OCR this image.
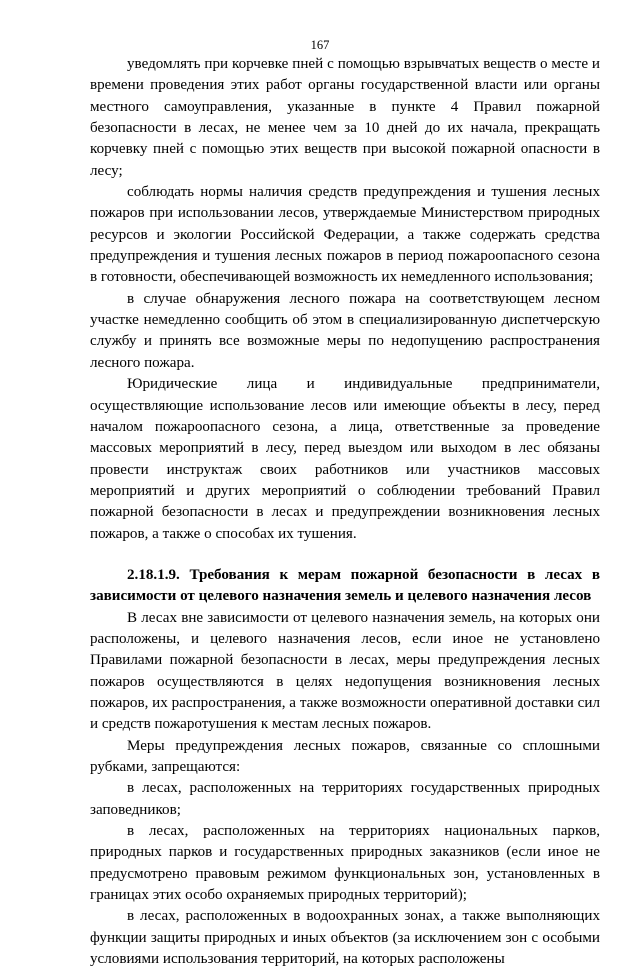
167

уведомлять при корчевке пней с помощью взрывчатых веществ о месте и времени проведения этих работ органы государственной власти или органы местного самоуправления, указанные в пункте 4 Правил пожарной безопасности в лесах, не менее чем за 10 дней до их начала, прекращать корчевку пней с помощью этих веществ при высокой пожарной опасности в лесу;

соблюдать нормы наличия средств предупреждения и тушения лесных пожаров при использовании лесов, утверждаемые Министерством природных ресурсов и экологии Российской Федерации, а также содержать средства предупреждения и тушения лесных пожаров в период пожароопасного сезона в готовности, обеспечивающей возможность их немедленного использования;

в случае обнаружения лесного пожара на соответствующем лесном участке немедленно сообщить об этом в специализированную диспетчерскую службу и принять все возможные меры по недопущению распространения лесного пожара.

Юридические лица и индивидуальные предприниматели, осуществляющие использование лесов или имеющие объекты в лесу, перед началом пожароопасного сезона, а лица, ответственные за проведение массовых мероприятий в лесу, перед выездом или выходом в лес обязаны провести инструктаж своих работников или участников массовых мероприятий и других мероприятий о соблюдении требований Правил пожарной безопасности в лесах и предупреждении возникновения лесных пожаров, а также о способах их тушения.

2.18.1.9. Требования к мерам пожарной безопасности в лесах в зависимости от целевого назначения земель и целевого назначения лесов

В лесах вне зависимости от целевого назначения земель, на которых они расположены, и целевого назначения лесов, если иное не установлено Правилами пожарной безопасности в лесах, меры предупреждения лесных пожаров осуществляются в целях недопущения возникновения лесных пожаров, их распространения, а также возможности оперативной доставки сил и средств пожаротушения к местам лесных пожаров.

Меры предупреждения лесных пожаров, связанные со сплошными рубками, запрещаются:

в лесах, расположенных на территориях государственных природных заповедников;

в лесах, расположенных на территориях национальных парков, природных парков и государственных природных заказников (если иное не предусмотрено правовым режимом функциональных зон, установленных в границах этих особо охраняемых природных территорий);

в лесах, расположенных в водоохранных зонах, а также выполняющих функции защиты природных и иных объектов (за исключением зон с особыми условиями использования территорий, на которых расположены
